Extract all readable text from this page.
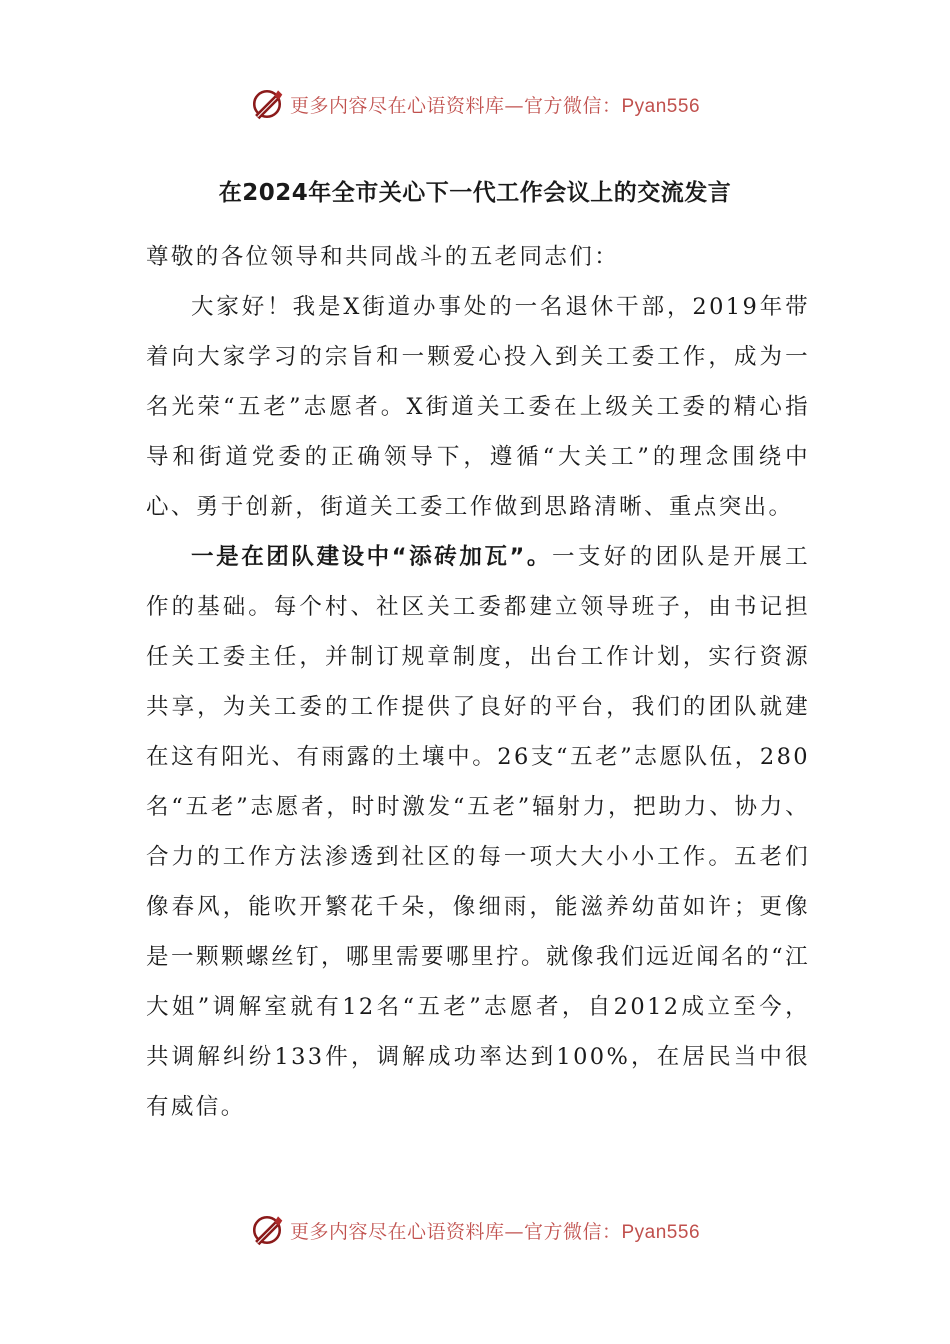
更多内容尽在心语资料库—官方微信：Pyan556
在2024年全市关心下一代工作会议上的交流发言

尊敬的各位领导和共同战斗的五老同志们：

大家好！我是X街道办事处的一名退休干部，2019年带着向大家学习的宗旨和一颗爱心投入到关工委工作，成为一名光荣“五老”志愿者。X街道关工委在上级关工委的精心指导和街道党委的正确领导下，遵循“大关工”的理念围绕中心、勇于创新，街道关工委工作做到思路清晰、重点突出。

一是在团队建设中“添砖加瓦”。一支好的团队是开展工作的基础。每个村、社区关工委都建立领导班子，由书记担任关工委主任，并制订规章制度，出台工作计划，实行资源共享，为关工委的工作提供了良好的平台，我们的团队就建在这有阳光、有雨露的土壤中。26支“五老”志愿队伍，280名“五老”志愿者，时时激发“五老”辐射力，把助力、协力、合力的工作方法渗透到社区的每一项大大小小工作。五老们像春风，能吹开繁花千朵，像细雨，能滋养幼苗如许；更像是一颗颗螺丝钉，哪里需要哪里拧。就像我们远近闻名的“江大姐”调解室就有12名“五老”志愿者，自2012成立至今，共调解纠纷133件，调解成功率达到100%，在居民当中很有威信。

更多内容尽在心语资料库—官方微信：Pyan556
